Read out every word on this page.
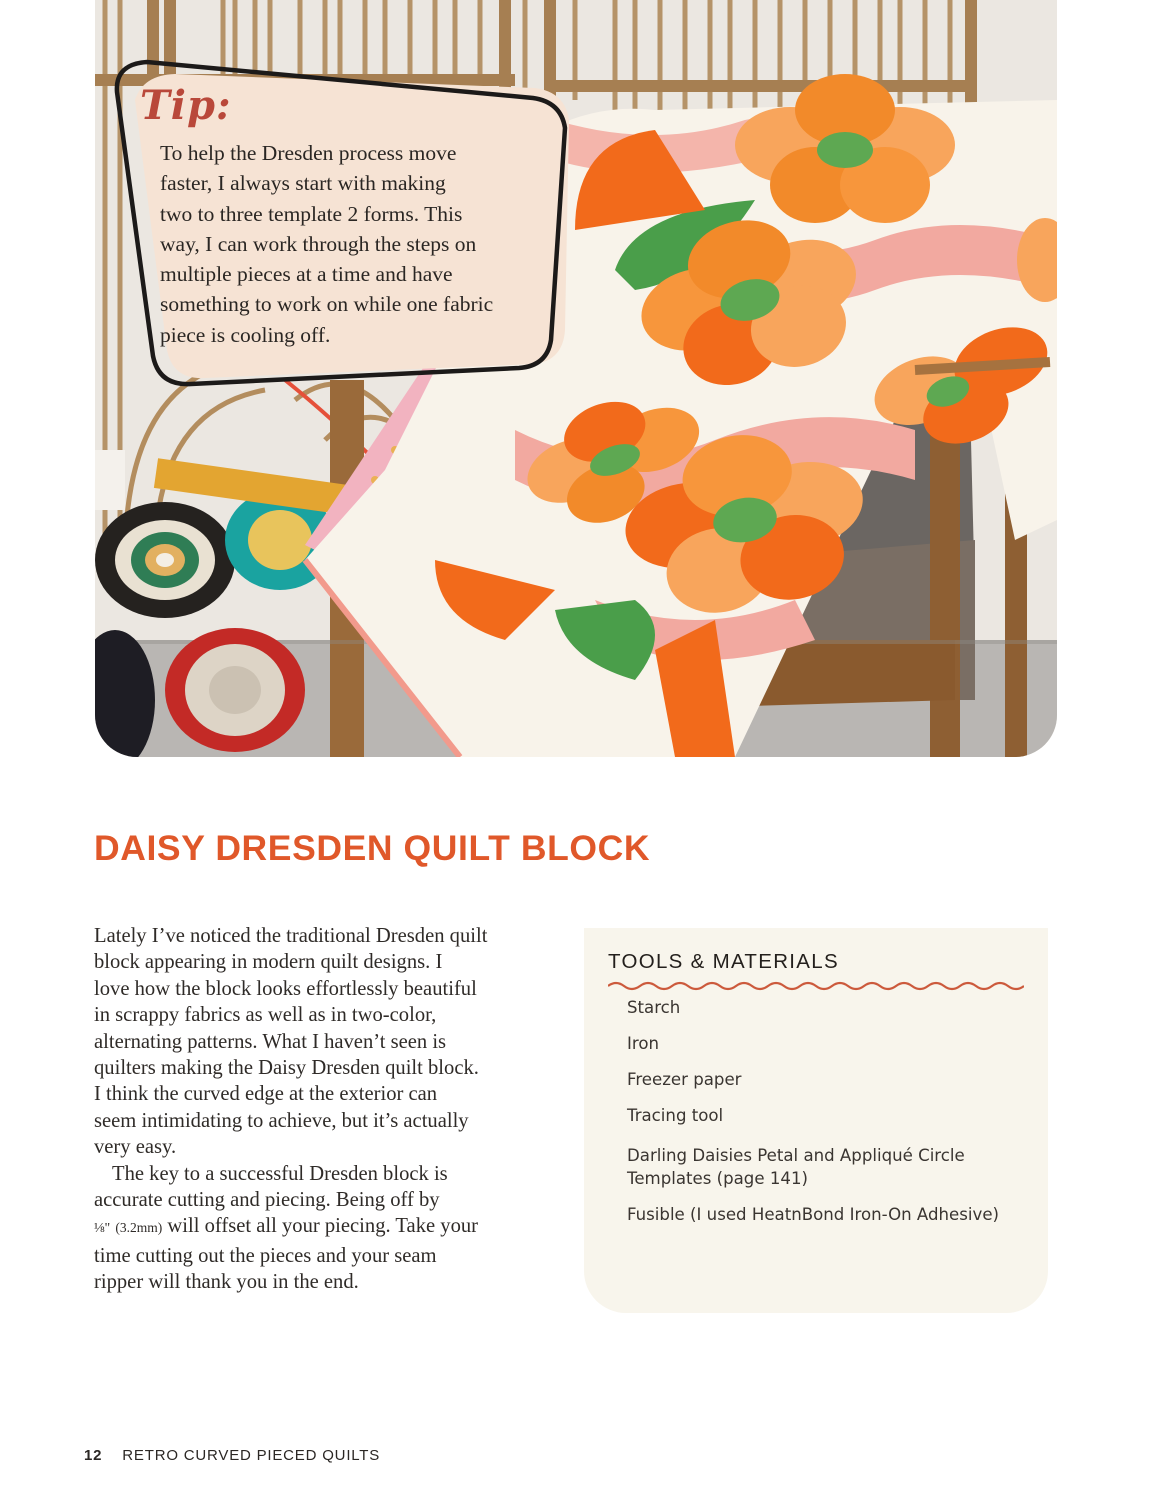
Tip:

To help the Dresden process move
faster, I always start with making
two to three template 2 forms. This
way, I can work through the steps on
multiple pieces at a time and have
something to work on while one fabric
piece is cooling off.

DAISY DRESDEN QUILT BLOCK
Lately I’ve noticed the traditional Dresden quilt
block appearing in modern quilt designs. I
love how the block looks effortlessly beautiful
in scrappy fabrics as well as in two-color,
alternating patterns. What I haven’t seen is
quilters making the Daisy Dresden quilt block.
I think the curved edge at the exterior can
seem intimidating to achieve, but it’s actually
very easy.
The key to a successful Dresden block is
accurate cutting and piecing. Being off by
⅛" (3.2mm) will offset all your piecing. Take your
time cutting out the pieces and your seam
ripper will thank you in the end.
TOOLS & MATERIALS
Starch
Iron
Freezer paper
Tracing tool
Darling Daisies Petal and Appliqué Circle Templates (page 141)
Fusible (I used HeatnBond Iron-On Adhesive)
12 RETRO CURVED PIECED QUILTS
